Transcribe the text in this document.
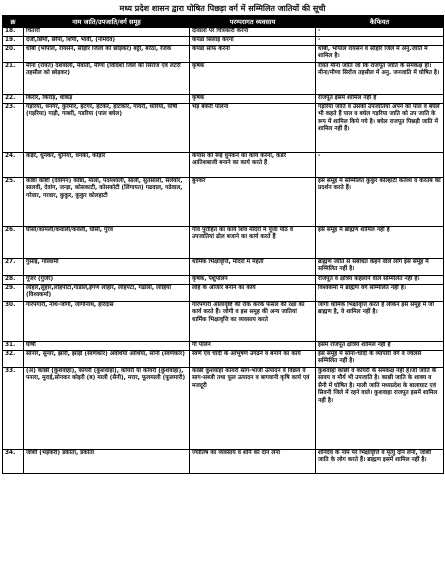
मध्य प्रदेश शासन द्वारा घोषित पिछड़ा वर्ग में सम्मिलित जातियों की सूची
क्र	नाम जाति/उपजाति/वर्ग समूह	परम्परागत व्यवसाय	कैफियत
18.	चितारी	दीवालों पर चित्रकारी करना	-
19.	दर्जी,छिपी, छीपा, शिपी, भावी, (नामदेव)	कपडा सिलाई करना	-
20.	धोबी (भोपाल, रायसेन, सीहोर जिलों को छोड़कर) बट्टी, बरेठा, रजक	कपडा साफ करना	धोबी, भोपाल रायसेन व सीहोर जिले में अनु.जाति में शामिल है।
21.	मीना (रावत) देशवाली, मेवाती, मीणा (विदिशा जिले की सिरोंज एवं लटेरी तहसील को छोड़कर)	कृषक	रावत मीना जाति जो कि राजपूत जाति के समकक्ष हो। मीना/मीणा सिरोंज तहसील में अनु. जनजाति में घोषित है।
22.	किरार, किराड़, धाकड़	कृषक	राजपूत इसमें शामिल नहीं है
23.	गड़रिया, धनगर, कुरमार, हटगर, हटकर, हाटकार, गायरी, धारिया, घोषी (गड़रिया) गाड़ी, गाबरी, गडरिया (पाल बघेल)	भेड़ बकरी पालना	गड़रिया जाति व उसकी उपजातियां अपने को पाल व बघेले भी कहते हैं पाल व बघेल गड़रिया जाति को उप जाति के रूप में शामिल किये गये है। बघेल राजपूत पिछड़ी जाति में शामिल नहीं हैं।
24.	कड़ेरे, धुनकर, धुनिया, धनका, कोड़ार	कपास की रूई धुनकने का कार्य करना, कडेरे आतिशबाजी बनाने का कार्य करते हैं	-
25.	कोष्टा कोष्टी (देवांगन) कोष्ठा, माला, पदमशाली, साली, सुतसाली, सलेवार, सालवी, देवांग, जन्ड़ा, कोसकाटी, कोसकोटी (लिंगायत) गढवाल, गढेवाल, गरेवार, गरवार, कुकुर, कुकुर कोलहाटी	बुनकर	इस समूह में सम्मिलित कुकुर कोल्हाटी कर्तव्य व करतब का प्रदर्शन करते हैं।
26.	घोसी/कामली/कवाली/कंवली, घोसी, गुरव	गांव पुरोहित का कार्य शिव मंदिरों में पूजा पाठ व उपजातियां ढोल बजाने का कार्य करते हैं	इस समूह में ब्राह्मण शामिल नहीं हैं
27.	गुसाई, गोस्वामी	धार्मिक भिक्षावृत्ति, मंदिरों में महंती	ब्राह्मण जाति से संबंधित कहने वाले लोग इस समूह में सम्मिलित नहीं है।
28.	गूजर (गुर्जर)	कृषक, पशुपालन	राजपूत व क्षत्रिय कहलाने वाले सम्मिलित नहीं है।
29.	लोहार,लुहार,लोहपीटा,गाडोले,ईगण लोहार, लोहपटा, गढोला, लोहिया (विश्वकर्मा)	लोहे के औजार बनाने का कार्य	विश्वकर्मा में ब्राह्मण वर्ग सम्मिलित नहीं है।
30.	गारपगारी, नाथ-जोगी, जोगीनाथ, हरिदास	गारपगारी ओलावृष्टि की रोक करके फसल की रक्षा का कार्य करते हैं। जोगी व इस समूह की अन्य जातियां धार्मिक भिक्षावृत्ति का व्यवसाय करते	जोगी धार्मिक भिक्षावृत्ति करते हैं लेकिन इस समूह में जो ब्राह्मण है, वे शामिल नहीं है।
31.	घोषी	गौ पालन	इसमें राजपूत क्षत्रिय शामिल नहीं हैं
32.	सोनार, सुनार, झारी, झाड़ी (स्वर्णकार) अवधिया ओधिया, सोनी (स्वर्णकार)	स्वर्ण एवं चांदी के आभूषण उगढने व बनाने का कार्य	इस समूह में सोना-चांदी के व्यापारी वर्ग व ज्वेलर्स सम्मिलित नहीं है।
33.	(अ) काछी (कुशवाहा), कोयरी (कुशवाहा), कोयरी या कोयरी (कुशवाहा), पनारा, मुराई,सोनकर कोइरी (ब) माली (सैनी), मरार, फूलमाली (फूलमारी)	काछी कुशवाहा कोयरी साग-भाजी उत्पादन व विक्रय व साग-सब्जी तथा फूल उत्पादन व बागवानी कृषि कार्य एवं मजदूरी	कुशवाहा काछी व कोयरी के समकक्ष नहीं है।जो जाति के सावय व मौर्य भी उपजाति है। काछी जाति के शाक्य व सैनी में घोषित है। माली जाति मध्यप्रदेश के बालाघाट एवं सिवनी जिले में रहने वाले। कुशवाहा राजपूत इसमें शामिल नहीं है।
34.	जोशी (भड़करी) डकोता, डकोता	ज्योतिष का व्यवसाय व शनि का दान लेना	शनिदेव के नाम पर भिक्षावृत्ति व मृत्यु दान लेना, जोशी जाति के लोग करते हैं। ब्राह्मण इसमें शामिल नहीं है।
